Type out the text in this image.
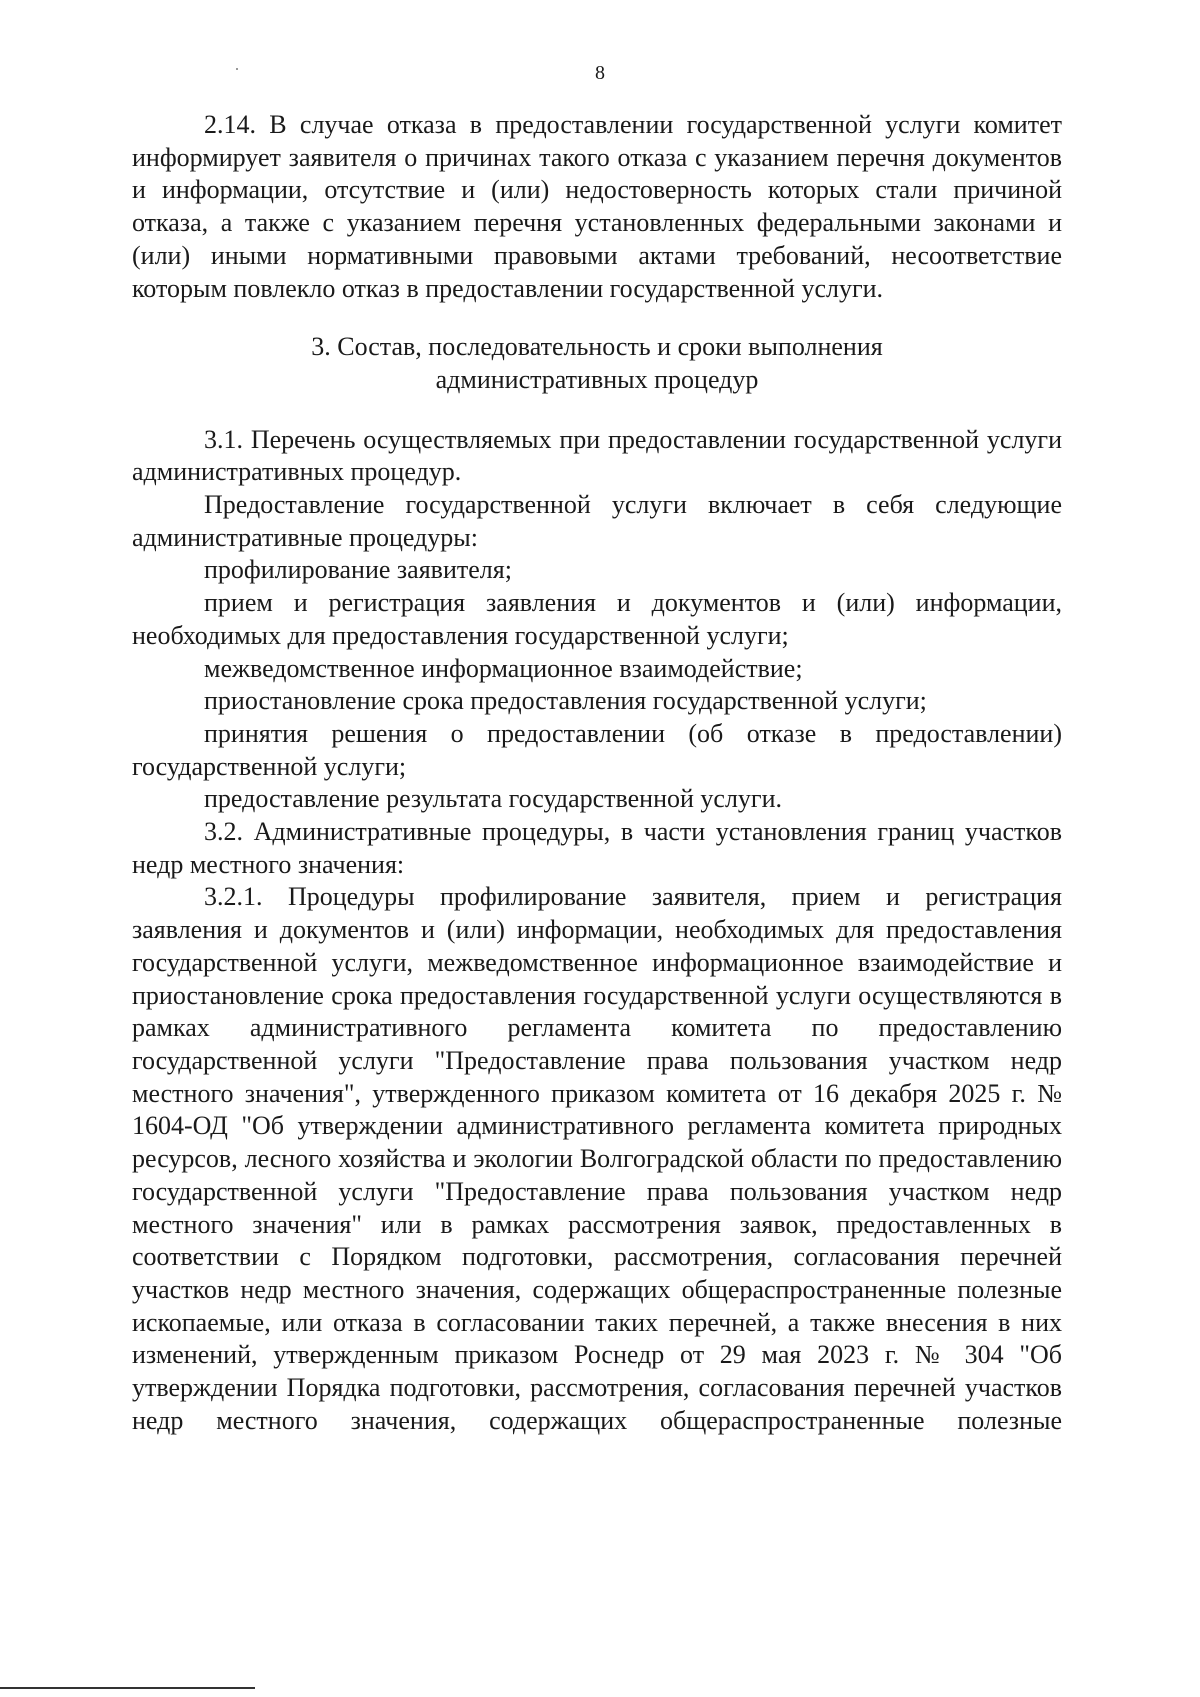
8

2.14. В случае отказа в предоставлении государственной услуги комитет информирует заявителя о причинах такого отказа с указанием перечня документов и информации, отсутствие и (или) недостоверность которых стали причиной отказа, а также с указанием перечня установленных федеральными законами и (или) иными нормативными правовыми актами требований, несоответствие которым повлекло отказ в предоставлении государственной услуги.

3. Состав, последовательность и сроки выполнения
административных процедур

3.1. Перечень осуществляемых при предоставлении государственной услуги административных процедур.

Предоставление государственной услуги включает в себя следующие административные процедуры:

профилирование заявителя;

прием и регистрация заявления и документов и (или) информации, необходимых для предоставления государственной услуги;

межведомственное информационное взаимодействие;

приостановление срока предоставления государственной услуги;

принятия решения о предоставлении (об отказе в предоставлении) государственной услуги;

предоставление результата государственной услуги.

3.2. Административные процедуры, в части установления границ участков недр местного значения:

3.2.1. Процедуры профилирование заявителя, прием и регистрация заявления и документов и (или) информации, необходимых для предоставления государственной услуги, межведомственное информационное взаимодействие и приостановление срока предоставления государственной услуги осуществляются в рамках административного регламента комитета по предоставлению государственной услуги "Предоставление права пользования участком недр местного значения", утвержденного приказом комитета от 16 декабря 2025 г. № 1604-ОД "Об утверждении административного регламента комитета природных ресурсов, лесного хозяйства и экологии Волгоградской области по предоставлению государственной услуги "Предоставление права пользования участком недр местного значения" или в рамках рассмотрения заявок, предоставленных в соответствии с Порядком подготовки, рассмотрения, согласования перечней участков недр местного значения, содержащих общераспространенные полезные ископаемые, или отказа в согласовании таких перечней, а также внесения в них изменений, утвержденным приказом Роснедр от 29 мая 2023 г. № 304 "Об утверждении Порядка подготовки, рассмотрения, согласования перечней участков недр местного значения, содержащих общераспространенные полезные
